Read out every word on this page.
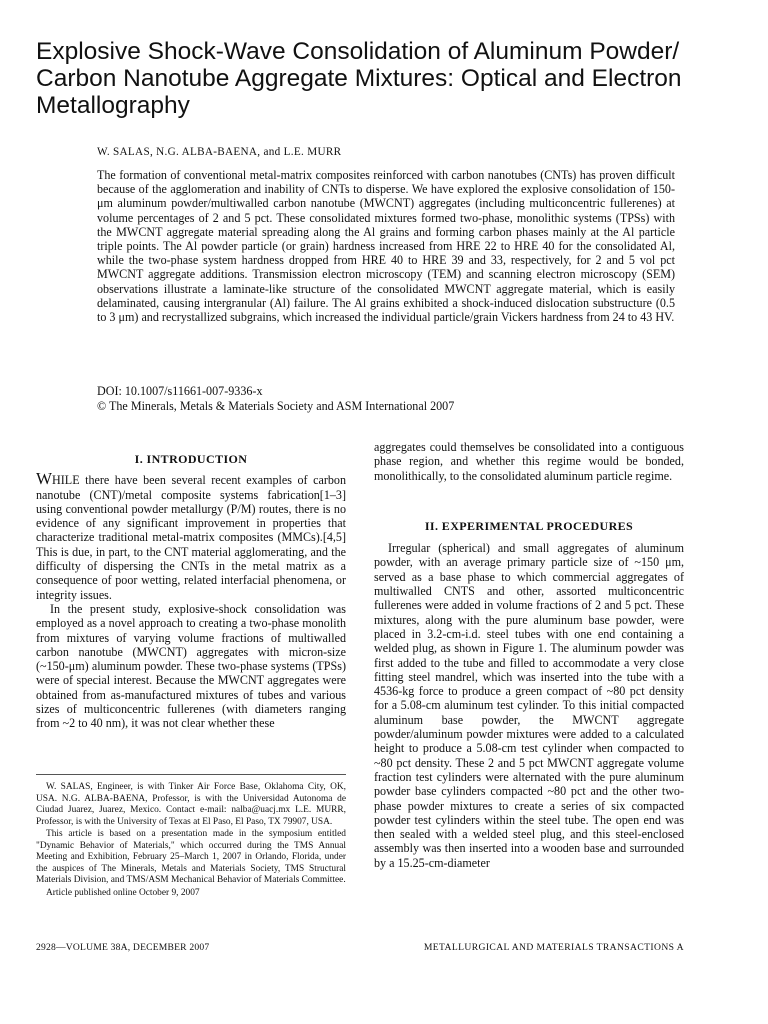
Explosive Shock-Wave Consolidation of Aluminum Powder/ Carbon Nanotube Aggregate Mixtures: Optical and Electron Metallography
W. SALAS, N.G. ALBA-BAENA, and L.E. MURR

The formation of conventional metal-matrix composites reinforced with carbon nanotubes (CNTs) has proven difficult because of the agglomeration and inability of CNTs to disperse. We have explored the explosive consolidation of 150-μm aluminum powder/multiwalled carbon nanotube (MWCNT) aggregates (including multiconcentric fullerenes) at volume percentages of 2 and 5 pct. These consolidated mixtures formed two-phase, monolithic systems (TPSs) with the MWCNT aggregate material spreading along the Al grains and forming carbon phases mainly at the Al particle triple points. The Al powder particle (or grain) hardness increased from HRE 22 to HRE 40 for the consolidated Al, while the two-phase system hardness dropped from HRE 40 to HRE 39 and 33, respectively, for 2 and 5 vol pct MWCNT aggregate additions. Transmission electron microscopy (TEM) and scanning electron microscopy (SEM) observations illustrate a laminate-like structure of the consolidated MWCNT aggregate material, which is easily delaminated, causing intergranular (Al) failure. The Al grains exhibited a shock-induced dislocation substructure (0.5 to 3 μm) and recrystallized subgrains, which increased the individual particle/grain Vickers hardness from 24 to 43 HV.

DOI: 10.1007/s11661-007-9336-x
© The Minerals, Metals & Materials Society and ASM International 2007
I. INTRODUCTION

WHILE there have been several recent examples of carbon nanotube (CNT)/metal composite systems fabrication[1–3] using conventional powder metallurgy (P/M) routes, there is no evidence of any significant improvement in properties that characterize traditional metal-matrix composites (MMCs).[4,5] This is due, in part, to the CNT material agglomerating, and the difficulty of dispersing the CNTs in the metal matrix as a consequence of poor wetting, related interfacial phenomena, or integrity issues.

In the present study, explosive-shock consolidation was employed as a novel approach to creating a two-phase monolith from mixtures of varying volume fractions of multiwalled carbon nanotube (MWCNT) aggregates with micron-size (~150-μm) aluminum powder. These two-phase systems (TPSs) were of special interest. Because the MWCNT aggregates were obtained from as-manufactured mixtures of tubes and various sizes of multiconcentric fullerenes (with diameters ranging from ~2 to 40 nm), it was not clear whether these

aggregates could themselves be consolidated into a contiguous phase region, and whether this regime would be bonded, monolithically, to the consolidated aluminum particle regime.

II. EXPERIMENTAL PROCEDURES

Irregular (spherical) and small aggregates of aluminum powder, with an average primary particle size of ~150 μm, served as a base phase to which commercial aggregates of multiwalled CNTS and other, assorted multiconcentric fullerenes were added in volume fractions of 2 and 5 pct. These mixtures, along with the pure aluminum base powder, were placed in 3.2-cm-i.d. steel tubes with one end containing a welded plug, as shown in Figure 1. The aluminum powder was first added to the tube and filled to accommodate a very close fitting steel mandrel, which was inserted into the tube with a 4536-kg force to produce a green compact of ~80 pct density for a 5.08-cm aluminum test cylinder. To this initial compacted aluminum base powder, the MWCNT aggregate powder/aluminum powder mixtures were added to a calculated height to produce a 5.08-cm test cylinder when compacted to ~80 pct density. These 2 and 5 pct MWCNT aggregate volume fraction test cylinders were alternated with the pure aluminum powder base cylinders compacted ~80 pct and the other two-phase powder mixtures to create a series of six compacted powder test cylinders within the steel tube. The open end was then sealed with a welded steel plug, and this steel-enclosed assembly was then inserted into a wooden base and surrounded by a 15.25-cm-diameter

W. SALAS, Engineer, is with Tinker Air Force Base, Oklahoma City, OK, USA. N.G. ALBA-BAENA, Professor, is with the Universidad Autonoma de Ciudad Juarez, Juarez, Mexico. Contact e-mail: nalba@uacj.mx L.E. MURR, Professor, is with the University of Texas at El Paso, El Paso, TX 79907, USA.

This article is based on a presentation made in the symposium entitled "Dynamic Behavior of Materials," which occurred during the TMS Annual Meeting and Exhibition, February 25–March 1, 2007 in Orlando, Florida, under the auspices of The Minerals, Metals and Materials Society, TMS Structural Materials Division, and TMS/ASM Mechanical Behavior of Materials Committee.

Article published online October 9, 2007

2928—VOLUME 38A, DECEMBER 2007	METALLURGICAL AND MATERIALS TRANSACTIONS A
